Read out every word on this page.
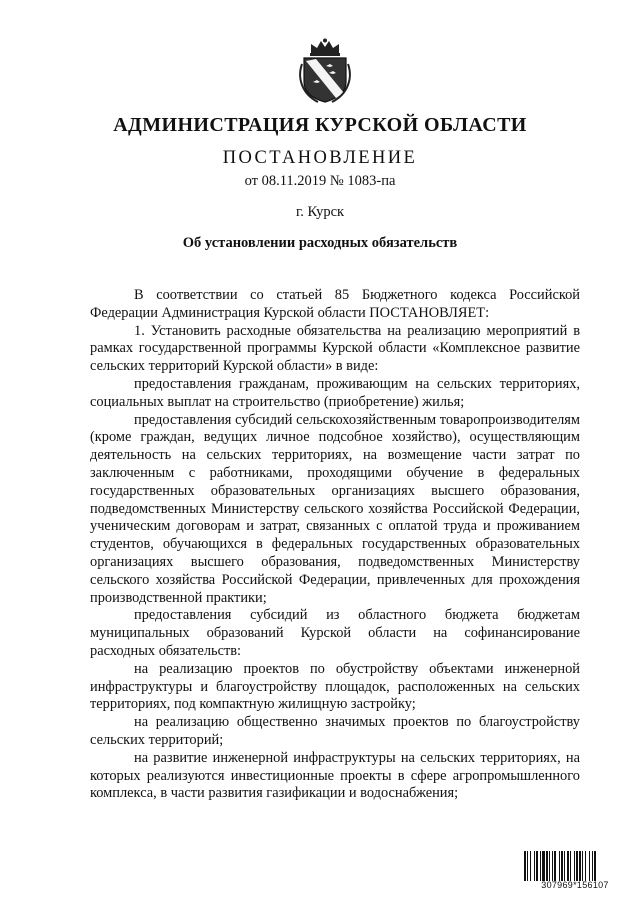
АДМИНИСТРАЦИЯ КУРСКОЙ ОБЛАСТИ
ПОСТАНОВЛЕНИЕ
от 08.11.2019 № 1083-па
г. Курск
Об установлении расходных обязательств

В соответствии со статьей 85 Бюджетного кодекса Российской Федерации Администрация Курской области ПОСТАНОВЛЯЕТ:

1. Установить расходные обязательства на реализацию мероприятий в рамках государственной программы Курской области «Комплексное развитие сельских территорий Курской области» в виде:

предоставления гражданам, проживающим на сельских территориях, социальных выплат на строительство (приобретение) жилья;

предоставления субсидий сельскохозяйственным товаропроизводителям (кроме граждан, ведущих личное подсобное хозяйство), осуществляющим деятельность на сельских территориях, на возмещение части затрат по заключенным с работниками, проходящими обучение в федеральных государственных образовательных организациях высшего образования, подведомственных Министерству сельского хозяйства Российской Федерации, ученическим договорам и затрат, связанных с оплатой труда и проживанием студентов, обучающихся в федеральных государственных образовательных организациях высшего образования, подведомственных Министерству сельского хозяйства Российской Федерации, привлеченных для прохождения производственной практики;

предоставления субсидий из областного бюджета бюджетам муниципальных образований Курской области на софинансирование расходных обязательств:

на реализацию проектов по обустройству объектами инженерной инфраструктуры и благоустройству площадок, расположенных на сельских территориях, под компактную жилищную застройку;

на реализацию общественно значимых проектов по благоустройству сельских территорий;

на развитие инженерной инфраструктуры на сельских территориях, на которых реализуются инвестиционные проекты в сфере агропромышленного комплекса, в части развития газификации и водоснабжения;

307969*156107
